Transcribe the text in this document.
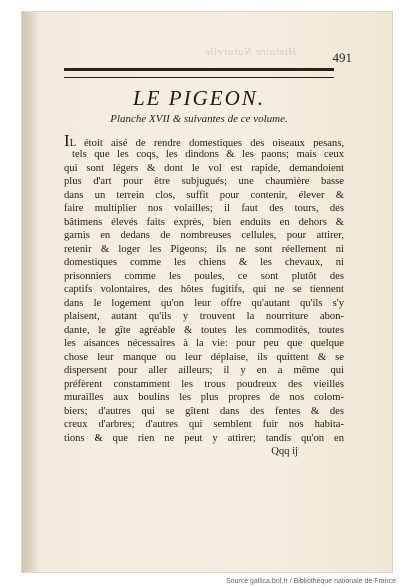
Histoire Naturelle	491
LE PIGEON.
Planche XVII & suivantes de ce volume.
IL étoit aisé de rendre domestiques des oiseaux pesans,
tels que les coqs, les dindons & les paons; mais ceux
qui sont légers & dont le vol est rapide, demandoient
plus d'art pour être subjugués; une chaumière basse
dans un terrein clos, suffit pour contenir, élever &
faire multiplier nos volailles; il faut des tours, des
bâtimens élevés faits exprès, bien enduits en dehors &
garnis en dedans de nombreuses cellules, pour attirer,
retenir & loger les Pigeons; ils ne sont réellement ni
domestiques comme les chiens & les chevaux, ni
prisonniers comme les poules, ce sont plutôt des
captifs volontaires, des hôtes fugitifs, qui ne se tiennent
dans le logement qu'on leur offre qu'autant qu'ils s'y
plaisent, autant qu'ils y trouvent la nourriture abon-
dante, le gîte agréable & toutes les commodités, toutes
les aisances nécessaires à la vie: pour peu que quelque
chose leur manque ou leur déplaise, ils quittent & se
dispersent pour aller ailleurs; il y en a même qui
préfèrent constamment les trous poudreux des vieilles
murailles aux boulins les plus propres de nos colom-
biers; d'autres qui se gîtent dans des fentes & des
creux d'arbres; d'autres qui semblent fuir nos habita-
tions & que rien ne peut y attirer; tandis qu'on en
Qqq ij
Source gallica.bnf.fr / Bibliothèque nationale de France
